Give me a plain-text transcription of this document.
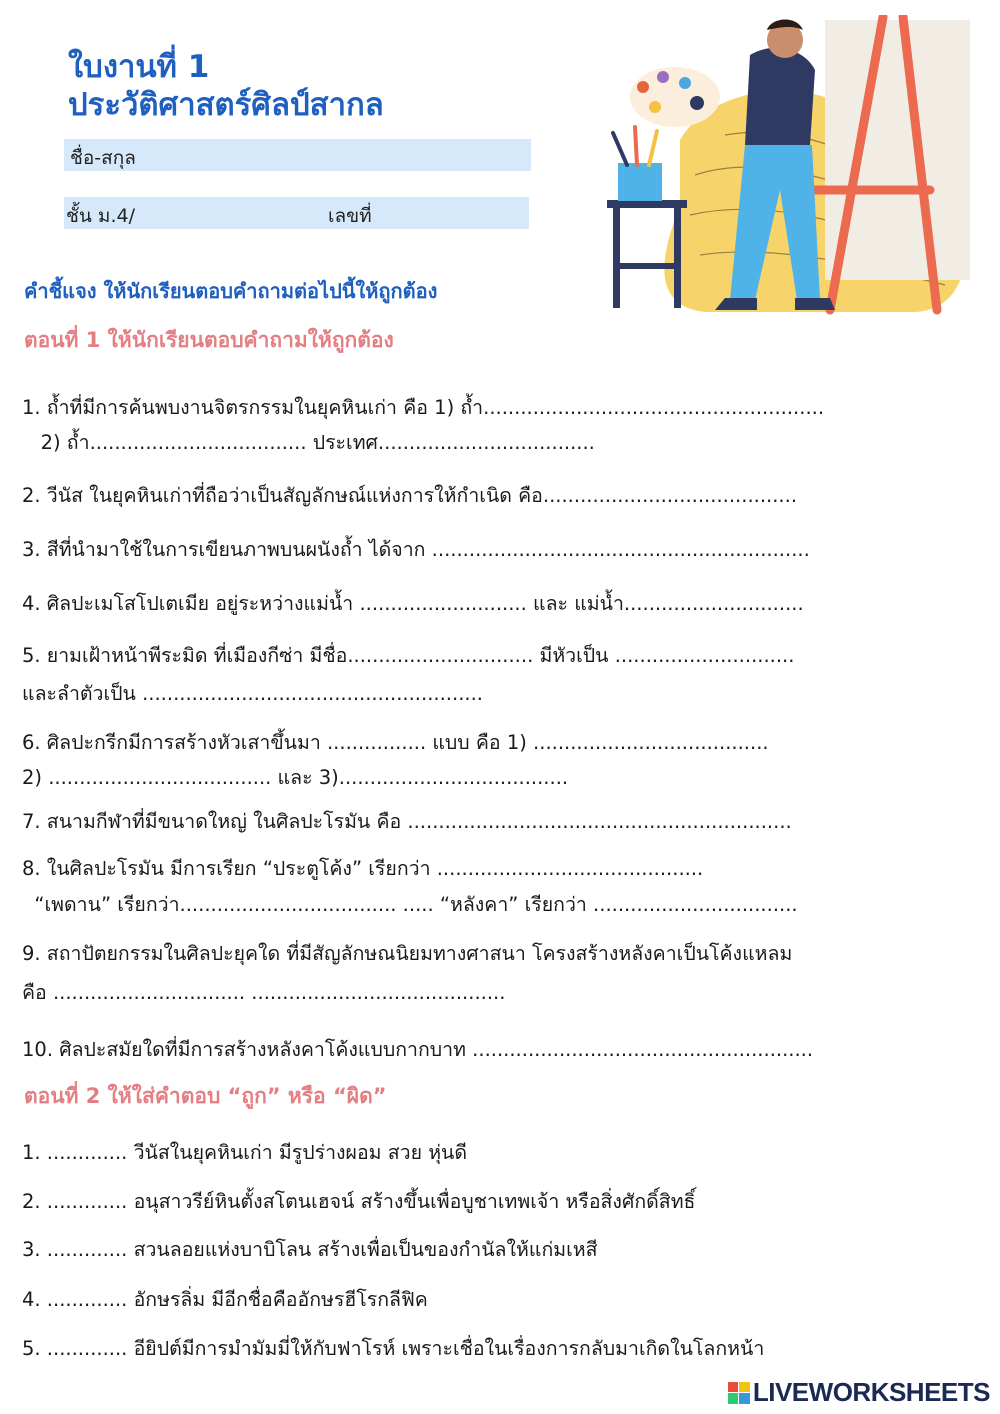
ใบงานที่ 1
ประวัติศาสตร์ศิลป์สากล
ชื่อ-สกุล
ชั้น ม.4/	เลขที่
คำชี้แจง ให้นักเรียนตอบคำถามต่อไปนี้ให้ถูกต้อง
ตอนที่ 1 ให้นักเรียนตอบคำถามให้ถูกต้อง
1. ถ้ำที่มีการค้นพบงานจิตรกรรมในยุคหินเก่า คือ 1) ถ้ำ.......................................................
2) ถ้ำ................................... ประเทศ...................................
2. วีนัส ในยุคหินเก่าที่ถือว่าเป็นสัญลักษณ์แห่งการให้กำเนิด คือ.........................................
3. สีที่นำมาใช้ในการเขียนภาพบนผนังถ้ำ ได้จาก .............................................................
4. ศิลปะเมโสโปเตเมีย อยู่ระหว่างแม่น้ำ ........................... และ แม่น้ำ.............................
5. ยามเฝ้าหน้าพีระมิด ที่เมืองกีซ่า มีชื่อ.............................. มีหัวเป็น .............................
และลำตัวเป็น .......................................................
6. ศิลปะกรีกมีการสร้างหัวเสาขึ้นมา ................ แบบ คือ 1) ......................................
2) .................................... และ 3).....................................
7. สนามกีฬาที่มีขนาดใหญ่ ในศิลปะโรมัน คือ ..............................................................
8. ในศิลปะโรมัน มีการเรียก “ประตูโค้ง” เรียกว่า ...........................................
“เพดาน” เรียกว่า................................... ..... “หลังคา” เรียกว่า .................................
9. สถาปัตยกรรมในศิลปะยุคใด ที่มีสัญลักษณนิยมทางศาสนา โครงสร้างหลังคาเป็นโค้งแหลม
คือ ............................... .........................................
10. ศิลปะสมัยใดที่มีการสร้างหลังคาโค้งแบบกากบาท .......................................................
ตอนที่ 2 ให้ใส่คำตอบ “ถูก” หรือ “ผิด”
1. ............. วีนัสในยุคหินเก่า มีรูปร่างผอม สวย หุ่นดี
2. ............. อนุสาวรีย์หินตั้งสโตนเฮจน์ สร้างขึ้นเพื่อบูชาเทพเจ้า หรือสิ่งศักดิ์สิทธิ์
3. ............. สวนลอยแห่งบาบิโลน สร้างเพื่อเป็นของกำนัลให้แก่มเหสี
4. ............. อักษรลิ่ม มีอีกชื่อคืออักษรฮีโรกลีฟิค
5. ............. อียิปต์มีการมำมัมมี่ให้กับฟาโรห์ เพราะเชื่อในเรื่องการกลับมาเกิดในโลกหน้า
LIVEWORKSHEETS
